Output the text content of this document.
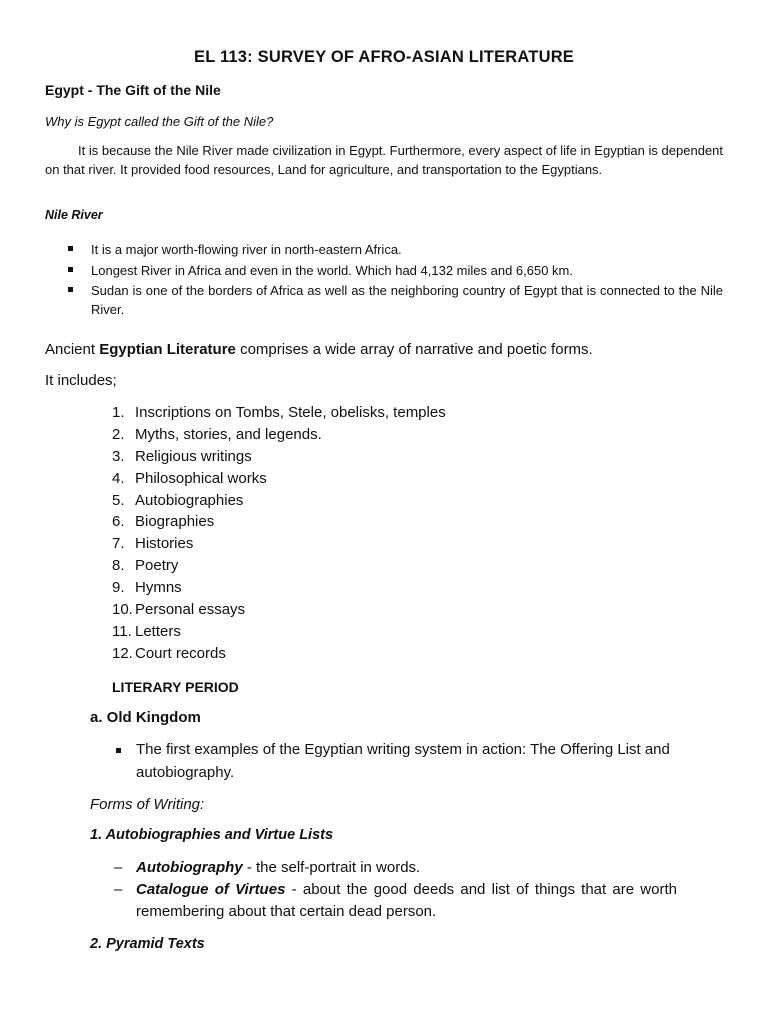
EL 113: SURVEY OF AFRO-ASIAN LITERATURE
Egypt - The Gift of the Nile
Why is Egypt called the Gift of the Nile?
It is because the Nile River made civilization in Egypt. Furthermore, every aspect of life in Egyptian is dependent on that river. It provided food resources, Land for agriculture, and transportation to the Egyptians.
Nile River
It is a major worth-flowing river in north-eastern Africa.
Longest River in Africa and even in the world. Which had 4,132 miles and 6,650 km.
Sudan is one of the borders of Africa as well as the neighboring country of Egypt that is connected to the Nile River.
Ancient Egyptian Literature comprises a wide array of narrative and poetic forms.
It includes;
1. Inscriptions on Tombs, Stele, obelisks, temples
2. Myths, stories, and legends.
3. Religious writings
4. Philosophical works
5. Autobiographies
6. Biographies
7. Histories
8. Poetry
9. Hymns
10. Personal essays
11. Letters
12. Court records
LITERARY PERIOD
a. Old Kingdom
The first examples of the Egyptian writing system in action: The Offering List and autobiography.
Forms of Writing:
1. Autobiographies and Virtue Lists
– Autobiography - the self-portrait in words.
– Catalogue of Virtues - about the good deeds and list of things that are worth remembering about that certain dead person.
2. Pyramid Texts
